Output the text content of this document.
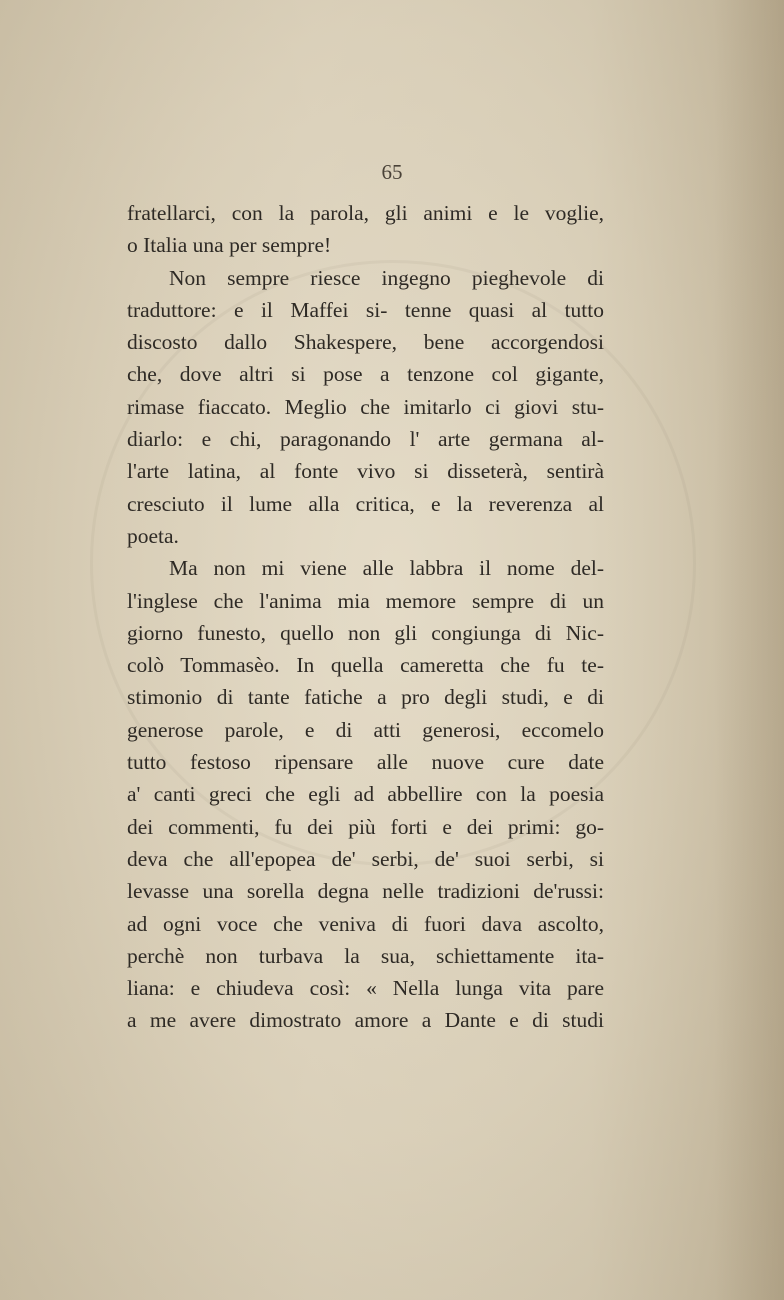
65
fratellarci, con la parola, gli animi e le voglie,
o Italia una per sempre!
Non sempre riesce ingegno pieghevole di
traduttore: e il Maffei si- tenne quasi al tutto
discosto dallo Shakespere, bene accorgendosi
che, dove altri si pose a tenzone col gigante,
rimase fiaccato. Meglio che imitarlo ci giovi stu-
diarlo: e chi, paragonando l' arte germana al-
l'arte latina, al fonte vivo si disseterà, sentirà
cresciuto il lume alla critica, e la reverenza al
poeta.
Ma non mi viene alle labbra il nome del-
l'inglese che l'anima mia memore sempre di un
giorno funesto, quello non gli congiunga di Nic-
colò Tommasèo. In quella cameretta che fu te-
stimonio di tante fatiche a pro degli studi, e di
generose parole, e di atti generosi, eccomelo
tutto festoso ripensare alle nuove cure date
a' canti greci che egli ad abbellire con la poesia
dei commenti, fu dei più forti e dei primi: go-
deva che all'epopea de' serbi, de' suoi serbi, si
levasse una sorella degna nelle tradizioni de'russi:
ad ogni voce che veniva di fuori dava ascolto,
perchè non turbava la sua, schiettamente ita-
liana: e chiudeva così: « Nella lunga vita pare
a me avere dimostrato amore a Dante e di studi
